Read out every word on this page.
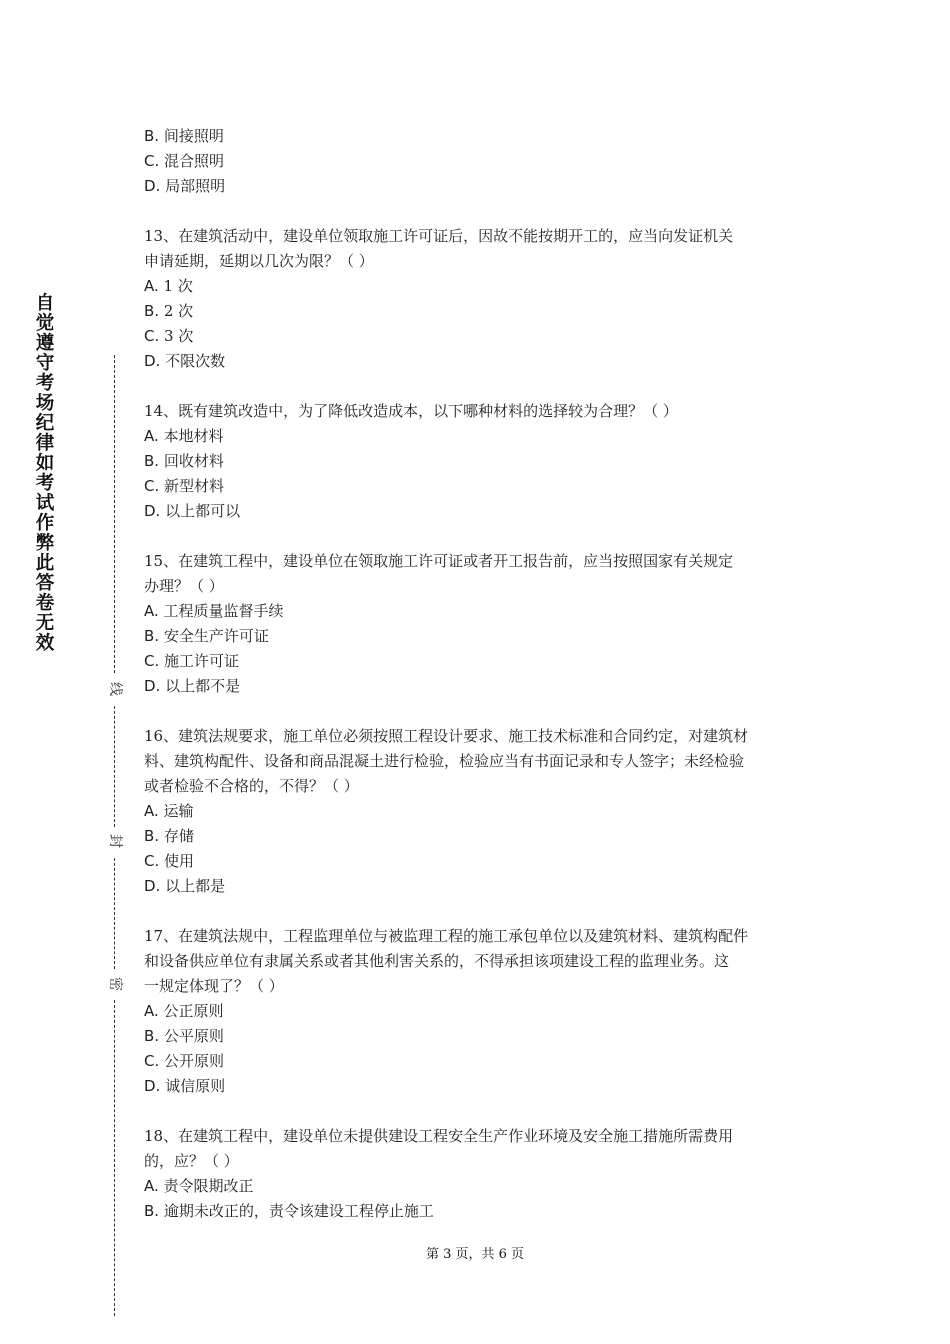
自
觉
遵
守
考
场
纪
律
如
考
试
作
弊
此
答
卷
无
效
线
封
密
B. 间接照明
C. 混合照明
D. 局部照明
13、在建筑活动中，建设单位领取施工许可证后，因故不能按期开工的，应当向发证机关
申请延期，延期以几次为限？（ ）
A. 1 次
B. 2 次
C. 3 次
D. 不限次数
14、既有建筑改造中，为了降低改造成本，以下哪种材料的选择较为合理？（ ）
A. 本地材料
B. 回收材料
C. 新型材料
D. 以上都可以
15、在建筑工程中，建设单位在领取施工许可证或者开工报告前，应当按照国家有关规定
办理？（ ）
A. 工程质量监督手续
B. 安全生产许可证
C. 施工许可证
D. 以上都不是
16、建筑法规要求，施工单位必须按照工程设计要求、施工技术标准和合同约定，对建筑材
料、建筑构配件、设备和商品混凝土进行检验，检验应当有书面记录和专人签字；未经检验
或者检验不合格的，不得？（ ）
A. 运输
B. 存储
C. 使用
D. 以上都是
17、在建筑法规中，工程监理单位与被监理工程的施工承包单位以及建筑材料、建筑构配件
和设备供应单位有隶属关系或者其他利害关系的，不得承担该项建设工程的监理业务。这
一规定体现了？（ ）
A. 公正原则
B. 公平原则
C. 公开原则
D. 诚信原则
18、在建筑工程中，建设单位未提供建设工程安全生产作业环境及安全施工措施所需费用
的，应？（ ）
A. 责令限期改正
B. 逾期未改正的，责令该建设工程停止施工
第 3 页，共 6 页
